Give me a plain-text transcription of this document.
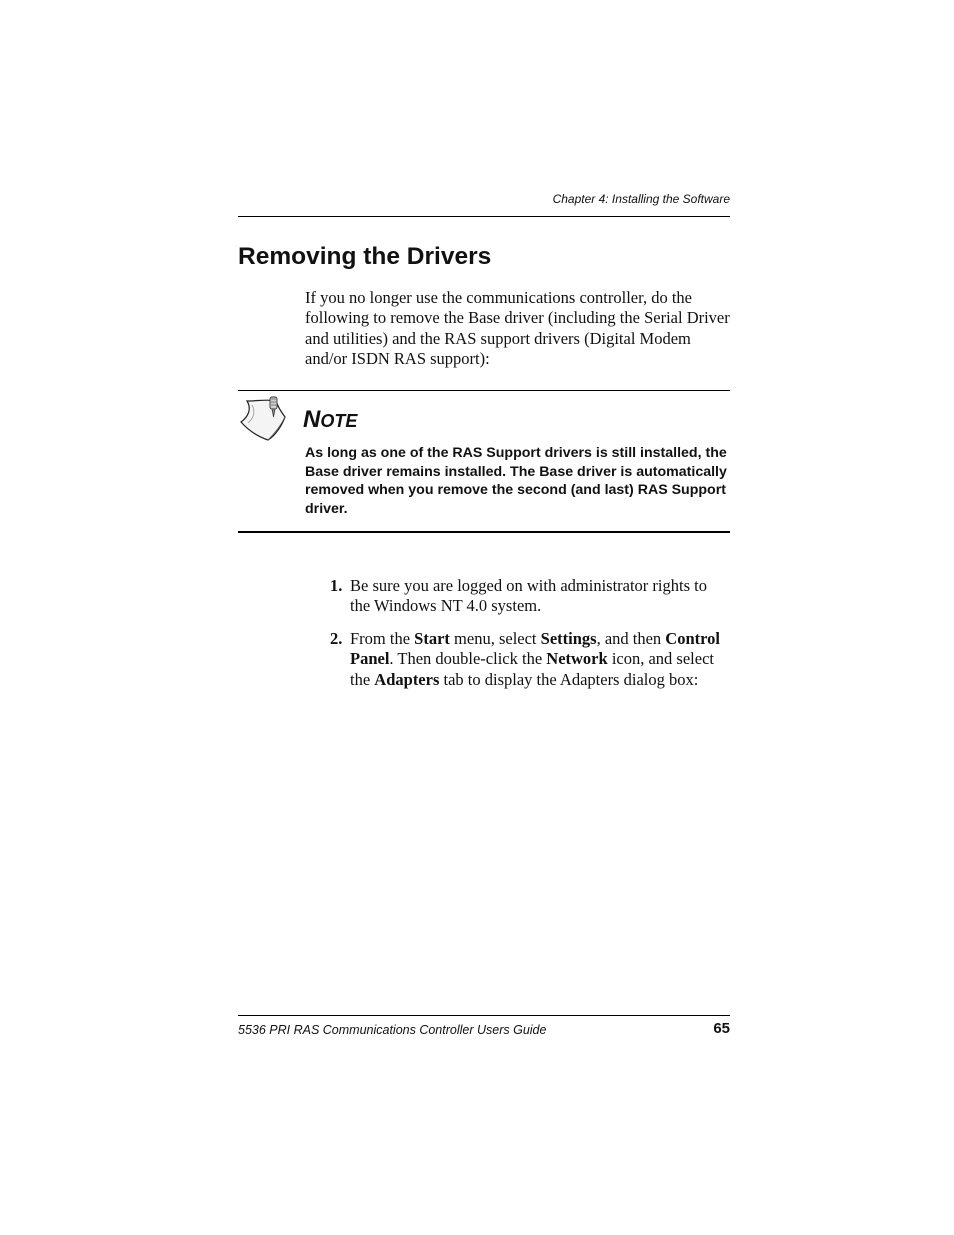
Chapter 4: Installing the Software
Removing the Drivers

If you no longer use the communications controller, do the following to remove the Base driver (including the Serial Driver and utilities) and the RAS support drivers (Digital Modem and/or ISDN RAS support):

NOTE

As long as one of the RAS Support drivers is still installed, the Base driver remains installed. The Base driver is automatically removed when you remove the second (and last) RAS Support driver.

1. Be sure you are logged on with administrator rights to the Windows NT 4.0 system.
2. From the Start menu, select Settings, and then Control Panel. Then double-click the Network icon, and select the Adapters tab to display the Adapters dialog box:
5536 PRI RAS Communications Controller Users Guide	65
